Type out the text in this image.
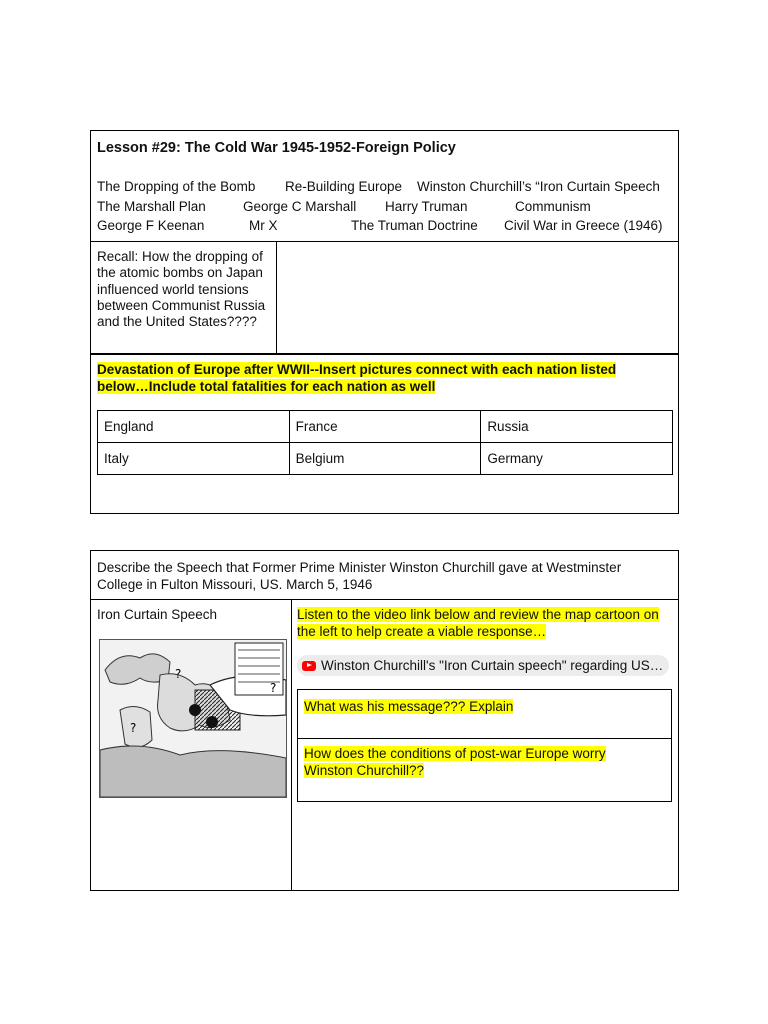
Lesson #29: The Cold War 1945-1952-Foreign Policy
The Dropping of the Bomb Re-Building Europe Winston Churchill’s “Iron Curtain Speech
The Marshall Plan	George C Marshall Harry Truman	Communism
George F Keenan	Mr X	The Truman Doctrine Civil War in Greece (1946)
Recall: How the dropping of the atomic bombs on Japan influenced world tensions between Communist Russia and the United States????
Devastation of Europe after WWII--Insert pictures connect with each nation listed below…Include total fatalities for each nation as well
England	France	Russia
Italy	Belgium	Germany
Describe the Speech that Former Prime Minister Winston Churchill gave at Westminster College in Fulton Missouri, US. March 5, 1946
Iron Curtain Speech
?
?
?
Listen to the video link below and review the map cartoon on the left to help create a viable response…
Winston Churchill's "Iron Curtain speech" regarding US…
What was his message??? Explain
How does the conditions of post-war Europe worry Winston Churchill??
